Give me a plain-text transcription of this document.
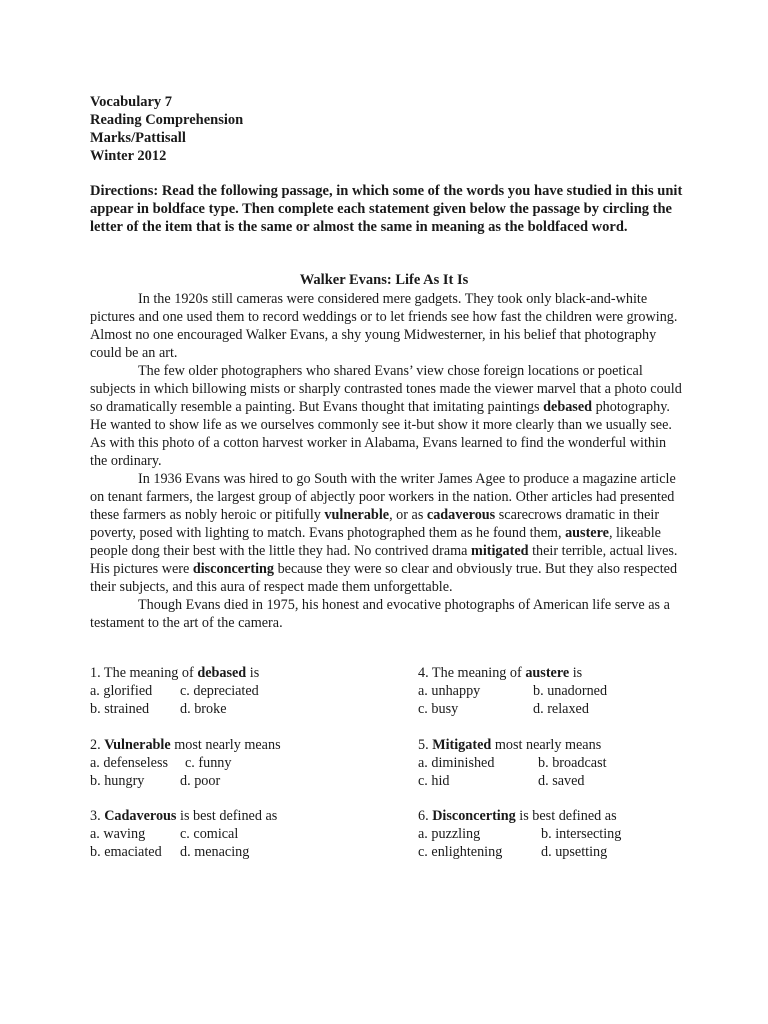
Vocabulary 7
Reading Comprehension
Marks/Pattisall
Winter 2012
Directions: Read the following passage, in which some of the words you have studied in this unit appear in boldface type. Then complete each statement given below the passage by circling the letter of the item that is the same or almost the same in meaning as the boldfaced word.
Walker Evans: Life As It Is

In the 1920s still cameras were considered mere gadgets. They took only black-and-white pictures and one used them to record weddings or to let friends see how fast the children were growing. Almost no one encouraged Walker Evans, a shy young Midwesterner, in his belief that photography could be an art.

The few older photographers who shared Evans’ view chose foreign locations or poetical subjects in which billowing mists or sharply contrasted tones made the viewer marvel that a photo could so dramatically resemble a painting. But Evans thought that imitating paintings debased photography. He wanted to show life as we ourselves commonly see it-but show it more clearly than we usually see. As with this photo of a cotton harvest worker in Alabama, Evans learned to find the wonderful within the ordinary.

In 1936 Evans was hired to go South with the writer James Agee to produce a magazine article on tenant farmers, the largest group of abjectly poor workers in the nation. Other articles had presented these farmers as nobly heroic or pitifully vulnerable, or as cadaverous scarecrows dramatic in their poverty, posed with lighting to match. Evans photographed them as he found them, austere, likeable people dong their best with the little they had. No contrived drama mitigated their terrible, actual lives. His pictures were disconcerting because they were so clear and obviously true. But they also respected their subjects, and this aura of respect made them unforgettable.

Though Evans died in 1975, his honest and evocative photographs of American life serve as a testament to the art of the camera.

1. The meaning of debased is
a. glorified c. depreciated
b. strained d. broke
2. Vulnerable most nearly means
a. defenseless c. funny
b. hungry	d. poor
3. Cadaverous is best defined as
a. waving c. comical
b. emaciated d. menacing
4. The meaning of austere is
a. unhappy	b. unadorned
c. busy	d. relaxed
5. Mitigated most nearly means
a. diminished	b. broadcast
c. hid	d. saved
6. Disconcerting is best defined as
a. puzzling	b. intersecting
c. enlightening	d. upsetting
